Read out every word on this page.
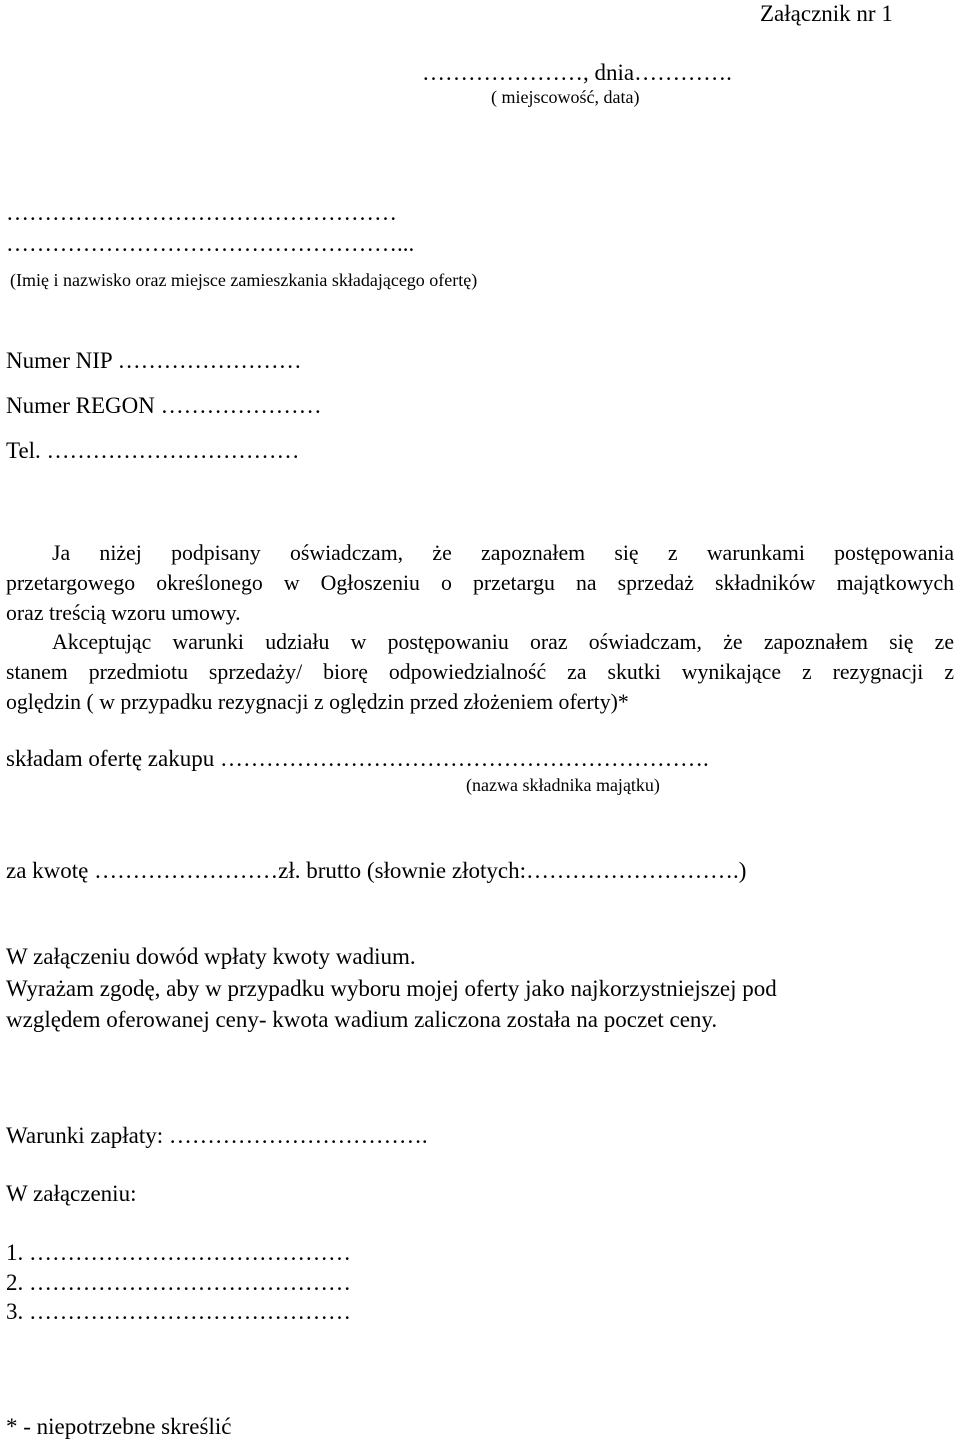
Załącznik nr 1
…………………, dnia………….
( miejscowość, data)
……………………………………………
……………………………………………...
(Imię i nazwisko oraz miejsce zamieszkania składającego ofertę)
Numer NIP ……………………
Numer REGON …………………
Tel. ……………………………
Ja niżej podpisany oświadczam, że zapoznałem się z warunkami postępowania
przetargowego określonego w Ogłoszeniu o przetargu na sprzedaż składników majątkowych
oraz treścią wzoru umowy.
Akceptując warunki udziału w postępowaniu oraz oświadczam, że zapoznałem się ze
stanem przedmiotu sprzedaży/ biorę odpowiedzialność za skutki wynikające z rezygnacji z
oględzin ( w przypadku rezygnacji z oględzin przed złożeniem oferty)*
składam ofertę zakupu ……………………………………………………….
(nazwa składnika majątku)
za kwotę ……………………zł. brutto (słownie złotych:……………………….)
W załączeniu dowód wpłaty kwoty wadium.
Wyrażam zgodę, aby w przypadku wyboru mojej oferty jako najkorzystniejszej pod
względem oferowanej ceny- kwota wadium zaliczona została na poczet ceny.
Warunki zapłaty: …………………………….
W załączeniu:
1. ……………………………………
2. ……………………………………
3. ……………………………………
* - niepotrzebne skreślić
